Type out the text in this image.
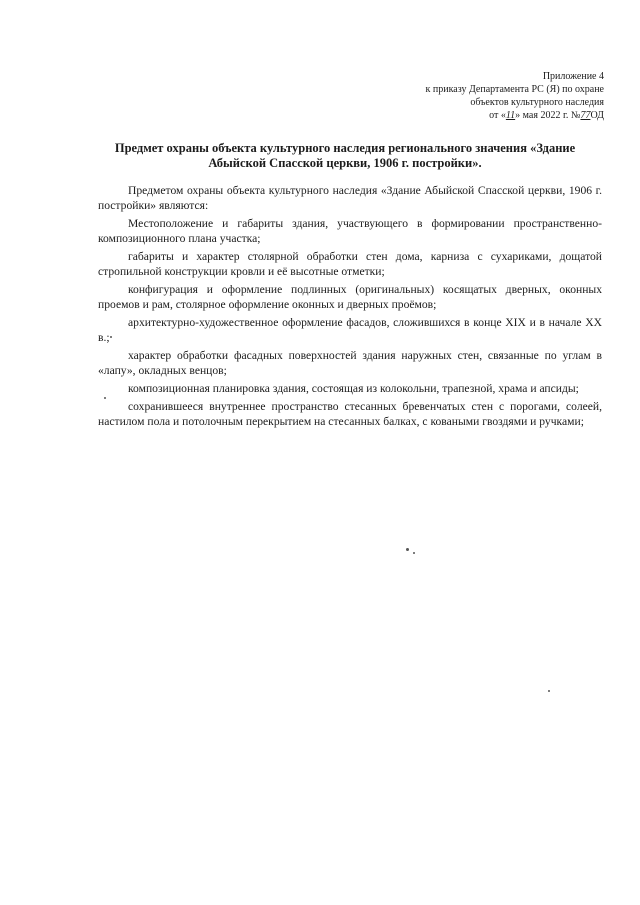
Приложение 4
к приказу Департамента РС (Я) по охране
объектов культурного наследия
от «11» мая 2022 г. №77ОД
Предмет охраны объекта культурного наследия регионального значения «Здание
Абыйской Спасской церкви, 1906 г. постройки».

Предметом охраны объекта культурного наследия «Здание Абыйской Спасской церкви, 1906 г. постройки» являются:

Местоположение и габариты здания, участвующего в формировании пространственно-композиционного плана участка;

габариты и характер столярной обработки стен дома, карниза с сухариками, дощатой стропильной конструкции кровли и её высотные отметки;

конфигурация и оформление подлинных (оригинальных) косящатых дверных, оконных проемов и рам, столярное оформление оконных и дверных проёмов;

архитектурно-художественное оформление фасадов, сложившихся в конце XIX и в начале XX в.;

характер обработки фасадных поверхностей здания наружных стен, связанные по углам в «лапу», окладных венцов;

композиционная планировка здания, состоящая из колокольни, трапезной, храма и апсиды;

сохранившееся внутреннее пространство стесанных бревенчатых стен с порогами, солеей, настилом пола и потолочным перекрытием на стесанных балках, с коваными гвоздями и ручками;
